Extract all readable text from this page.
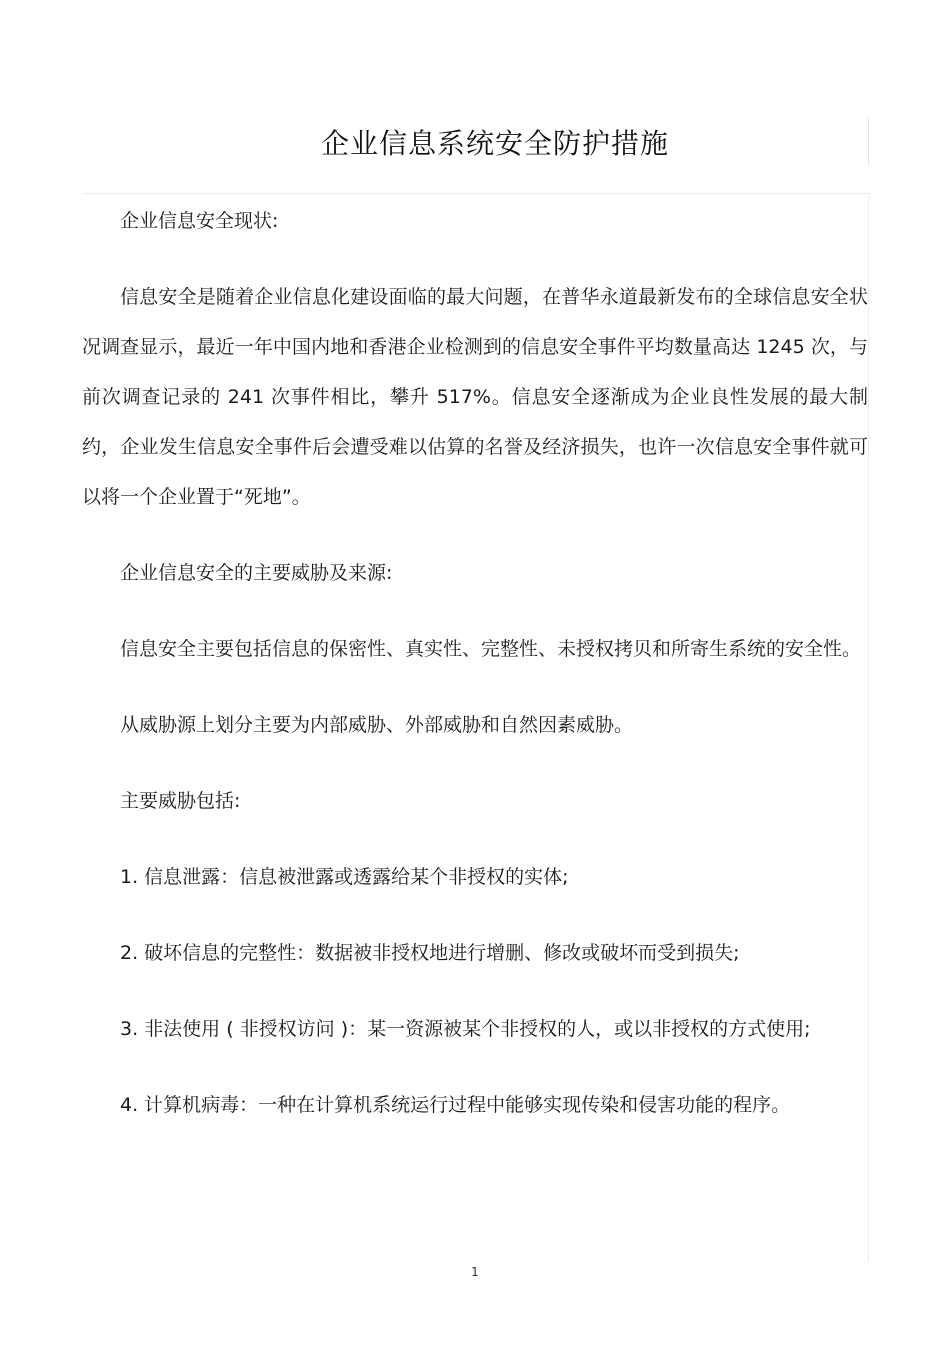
企业信息系统安全防护措施

企业信息安全现状:

信息安全是随着企业信息化建设面临的最大问题，在普华永道最新发布的全球信息安全状况调查显示，最近一年中国内地和香港企业检测到的信息安全事件平均数量高达 1245 次，与前次调查记录的 241 次事件相比，攀升 517%。信息安全逐渐成为企业良性发展的最大制约，企业发生信息安全事件后会遭受难以估算的名誉及经济损失，也许一次信息安全事件就可以将一个企业置于“死地”。

企业信息安全的主要威胁及来源:

信息安全主要包括信息的保密性、真实性、完整性、未授权拷贝和所寄生系统的安全性。

从威胁源上划分主要为内部威胁、外部威胁和自然因素威胁。

主要威胁包括:

1. 信息泄露：信息被泄露或透露给某个非授权的实体;

2. 破坏信息的完整性：数据被非授权地进行增删、修改或破坏而受到损失;

3. 非法使用 ( 非授权访问 )：某一资源被某个非授权的人，或以非授权的方式使用;

4. 计算机病毒：一种在计算机系统运行过程中能够实现传染和侵害功能的程序。

1
